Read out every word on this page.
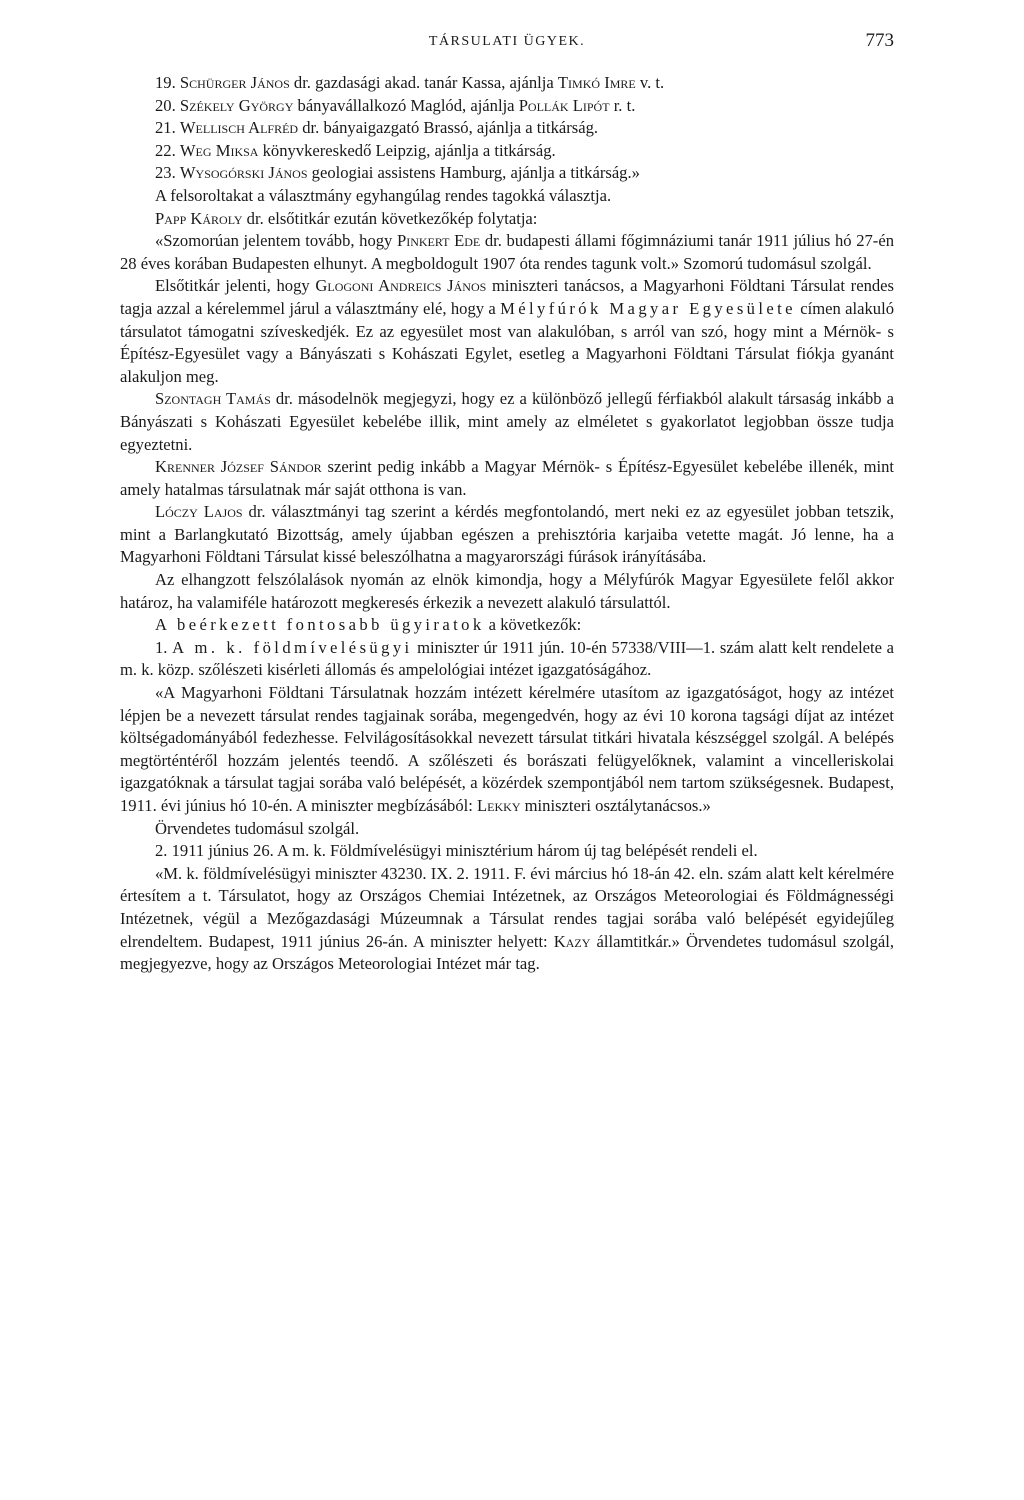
TÁRSULATI ÜGYEK.	773

19. Schürger János dr. gazdasági akad. tanár Kassa, ajánlja Timkó Imre v. t.

20. Székely György bányavállalkozó Maglód, ajánlja Pollák Lipót r. t.

21. Wellisch Alfréd dr. bányaigazgató Brassó, ajánlja a titkárság.

22. Weg Miksa könyvkereskedő Leipzig, ajánlja a titkárság.

23. Wysogórski János geologiai assistens Hamburg, ajánlja a titkárság.»

A felsoroltakat a választmány egyhangúlag rendes tagokká választja.

Papp Károly dr. elsőtitkár ezután következőkép folytatja:

«Szomorúan jelentem tovább, hogy Pinkert Ede dr. budapesti állami főgimnáziumi tanár 1911 július hó 27-én 28 éves korában Budapesten elhunyt. A megboldogult 1907 óta rendes tagunk volt.» Szomorú tudomásul szolgál.

Elsőtitkár jelenti, hogy Glogoni Andreics János miniszteri tanácsos, a Magyarhoni Földtani Társulat rendes tagja azzal a kérelemmel járul a választmány elé, hogy a Mélyfúrók Magyar Egyesülete címen alakuló társulatot támogatni szíveskedjék. Ez az egyesület most van alakulóban, s arról van szó, hogy mint a Mérnök- s Építész-Egyesület vagy a Bányászati s Kohászati Egylet, esetleg a Magyarhoni Földtani Társulat fiókja gyanánt alakuljon meg.

Szontagh Tamás dr. másodelnök megjegyzi, hogy ez a különböző jellegű férfiakból alakult társaság inkább a Bányászati s Kohászati Egyesület kebelébe illik, mint amely az elméletet s gyakorlatot legjobban össze tudja egyeztetni.

Krenner József Sándor szerint pedig inkább a Magyar Mérnök- s Építész-Egyesület kebelébe illenék, mint amely hatalmas társulatnak már saját otthona is van.

Lóczy Lajos dr. választmányi tag szerint a kérdés megfontolandó, mert neki ez az egyesület jobban tetszik, mint a Barlangkutató Bizottság, amely újabban egészen a prehisztória karjaiba vetette magát. Jó lenne, ha a Magyarhoni Földtani Társulat kissé beleszólhatna a magyarországi fúrások irányításába.

Az elhangzott felszólalások nyomán az elnök kimondja, hogy a Mélyfúrók Magyar Egyesülete felől akkor határoz, ha valamiféle határozott megkeresés érkezik a nevezett alakuló társulattól.

A beérkezett fontosabb ügyiratok a következők:

1. A m. k. földmívelésügyi miniszter úr 1911 jún. 10-én 57338/VIII—1. szám alatt kelt rendelete a m. k. közp. szőlészeti kisérleti állomás és ampelológiai intézet igazgatóságához.

«A Magyarhoni Földtani Társulatnak hozzám intézett kérelmére utasítom az igazgatóságot, hogy az intézet lépjen be a nevezett társulat rendes tagjainak sorába, megengedvén, hogy az évi 10 korona tagsági díjat az intézet költségadományából fedezhesse. Felvilágosításokkal nevezett társulat titkári hivatala készséggel szolgál. A belépés megtörténtéről hozzám jelentés teendő. A szőlészeti és borászati felügyelőknek, valamint a vincelleriskolai igazgatóknak a társulat tagjai sorába való belépését, a közérdek szempontjából nem tartom szükségesnek. Budapest, 1911. évi június hó 10-én. A miniszter megbízásából: Lekky miniszteri osztálytanácsos.»

Örvendetes tudomásul szolgál.

2. 1911 június 26. A m. k. Földmívelésügyi minisztérium három új tag belépését rendeli el.

«M. k. földmívelésügyi miniszter 43230. IX. 2. 1911. F. évi március hó 18-án 42. eln. szám alatt kelt kérelmére értesítem a t. Társulatot, hogy az Országos Chemiai Intézetnek, az Országos Meteorologiai és Földmágnességi Intézetnek, végül a Mezőgazdasági Múzeumnak a Társulat rendes tagjai sorába való belépését egyidejűleg elrendeltem. Budapest, 1911 június 26-án. A miniszter helyett: Kazy államtitkár.» Örvendetes tudomásul szolgál, megjegyezve, hogy az Országos Meteorologiai Intézet már tag.
